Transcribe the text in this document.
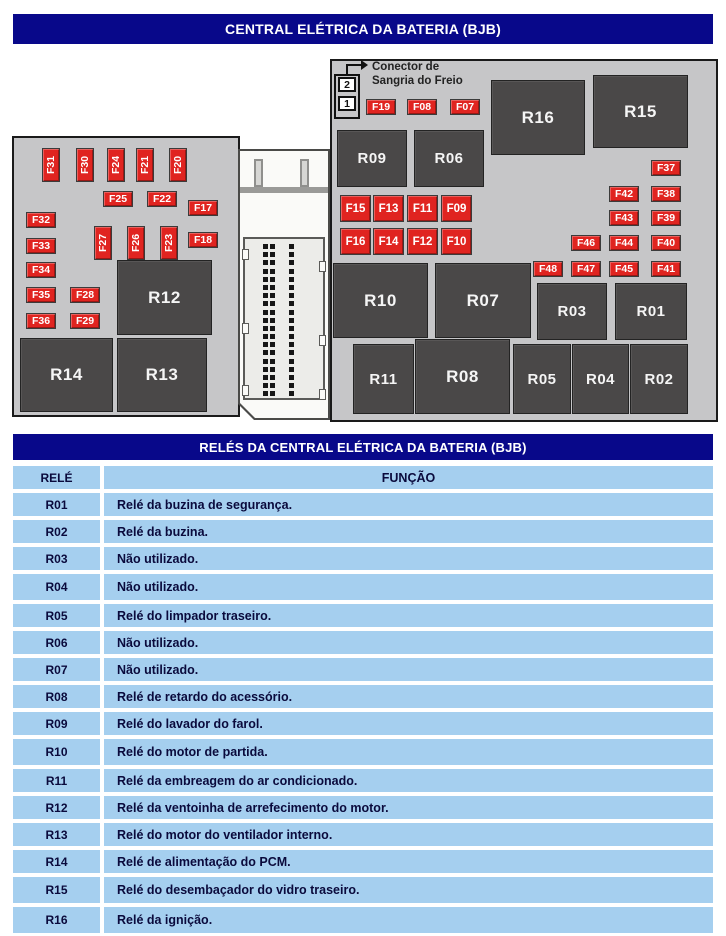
CENTRAL ELÉTRICA DA BATERIA (BJB)
2
1
Conector de
Sangria do Freio
R16	R15
R09	R06
R10	R07
R03	R01
R11	R08	R05	R04	R02
R12
R14	R13
F31 F30 F24 F21 F20
F25 F22
F17
F32
F27 F26 F23 F18
F33
F34
F35 F28
F36 F29
F19 F08 F07
F15 F13 F11 F09
F16 F14 F12 F10
F37
F42 F38
F43 F39
F46 F44 F40
F48 F47 F45 F41
RELÉS DA CENTRAL ELÉTRICA DA BATERIA (BJB)
RELÉ	FUNÇÃO
R01	Relé da buzina de segurança.
R02	Relé da buzina.
R03	Não utilizado.
R04	Não utilizado.
R05	Relé do limpador traseiro.
R06	Não utilizado.
R07	Não utilizado.
R08	Relé de retardo do acessório.
R09	Relé do lavador do farol.
R10	Relé do motor de partida.
R11	Relé da embreagem do ar condicionado.
R12	Relé da ventoinha de arrefecimento do motor.
R13	Relé do motor do ventilador interno.
R14	Relé de alimentação do PCM.
R15	Relé do desembaçador do vidro traseiro.
R16	Relé da ignição.
